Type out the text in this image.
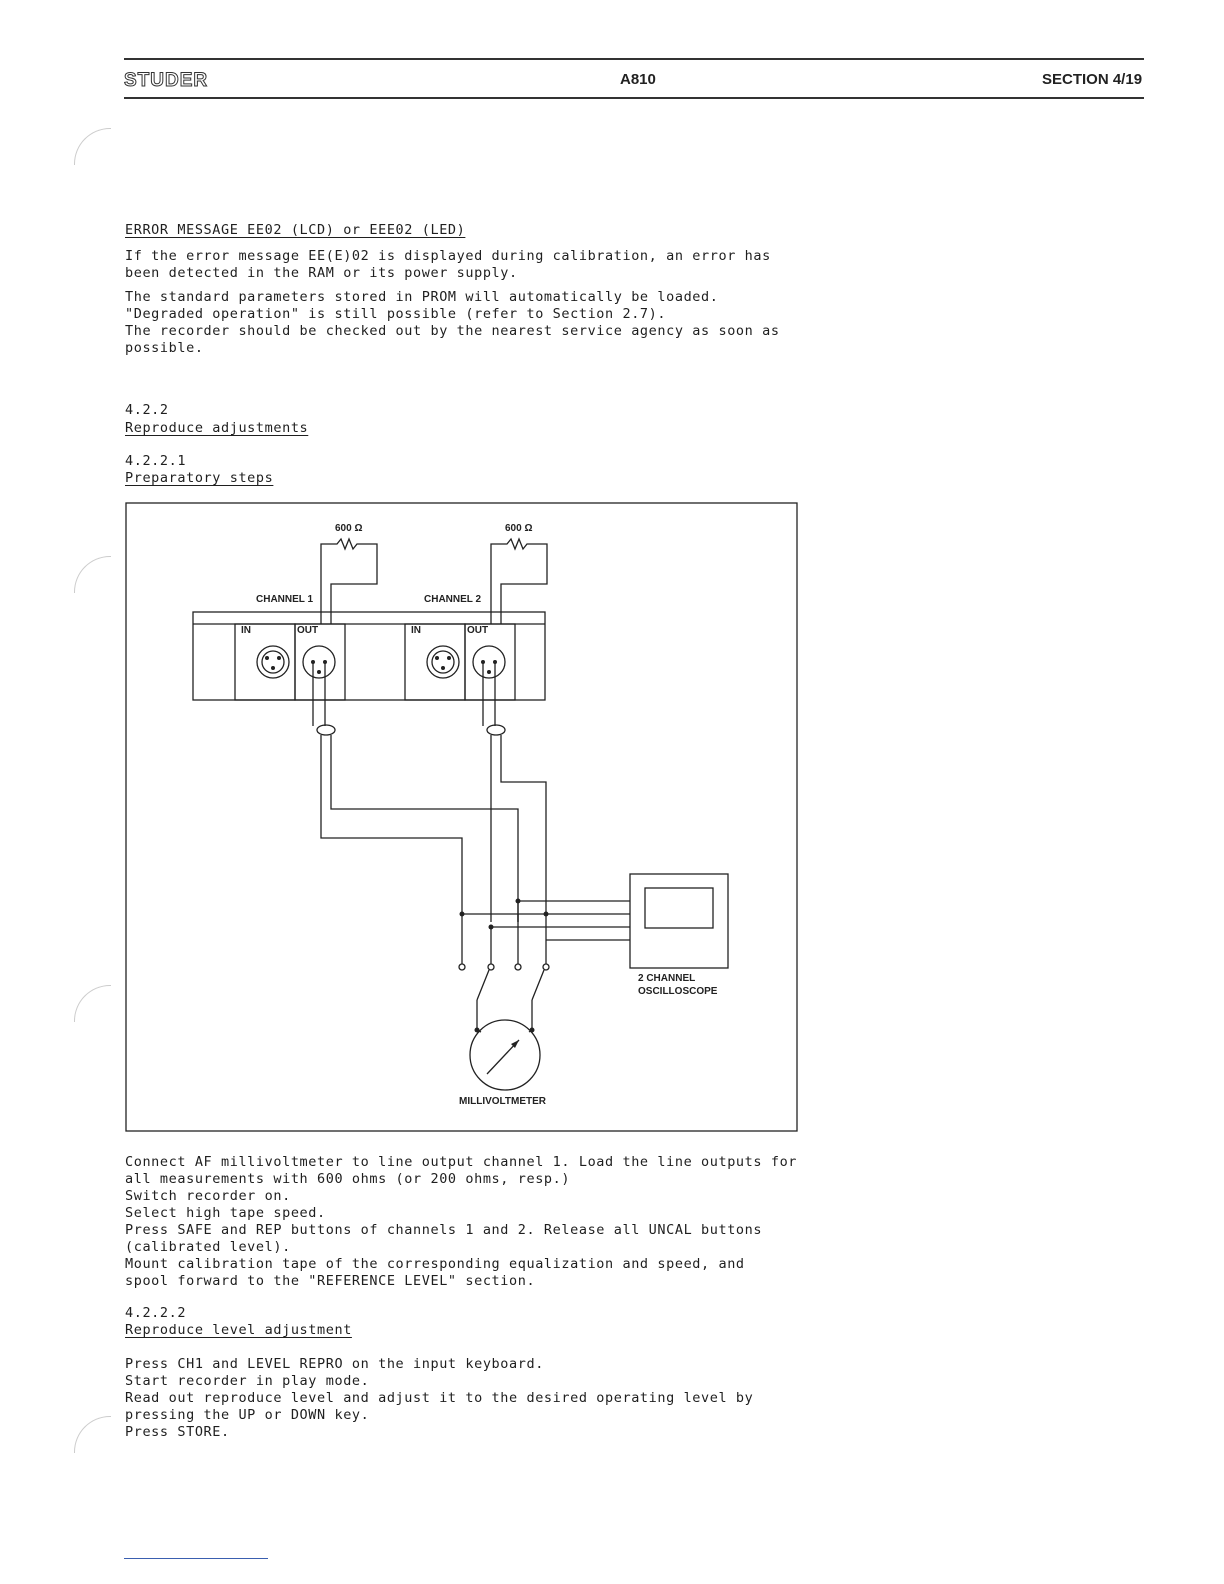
STUDER	A810	SECTION 4/19
ERROR MESSAGE EE02 (LCD) or EEE02 (LED)
If the error message EE(E)02 is displayed during calibration, an error has
been detected in the RAM or its power supply.
The standard parameters stored in PROM will automatically be loaded.
"Degraded operation" is still possible (refer to Section 2.7).
The recorder should be checked out by the nearest service agency as soon as
possible.
4.2.2
Reproduce adjustments
4.2.2.1
Preparatory steps
600 Ω	600 Ω
CHANNEL 1	CHANNEL 2
IN	OUT	IN	OUT
2 CHANNEL
OSCILLOSCOPE
MILLIVOLTMETER
Connect AF millivoltmeter to line output channel 1. Load the line outputs for
all measurements with 600 ohms (or 200 ohms, resp.)
Switch recorder on.
Select high tape speed.
Press SAFE and REP buttons of channels 1 and 2. Release all UNCAL buttons
(calibrated level).
Mount calibration tape of the corresponding equalization and speed, and
spool forward to the "REFERENCE LEVEL" section.
4.2.2.2
Reproduce level adjustment
Press CH1 and LEVEL REPRO on the input keyboard.
Start recorder in play mode.
Read out reproduce level and adjust it to the desired operating level by
pressing the UP or DOWN key.
Press STORE.
